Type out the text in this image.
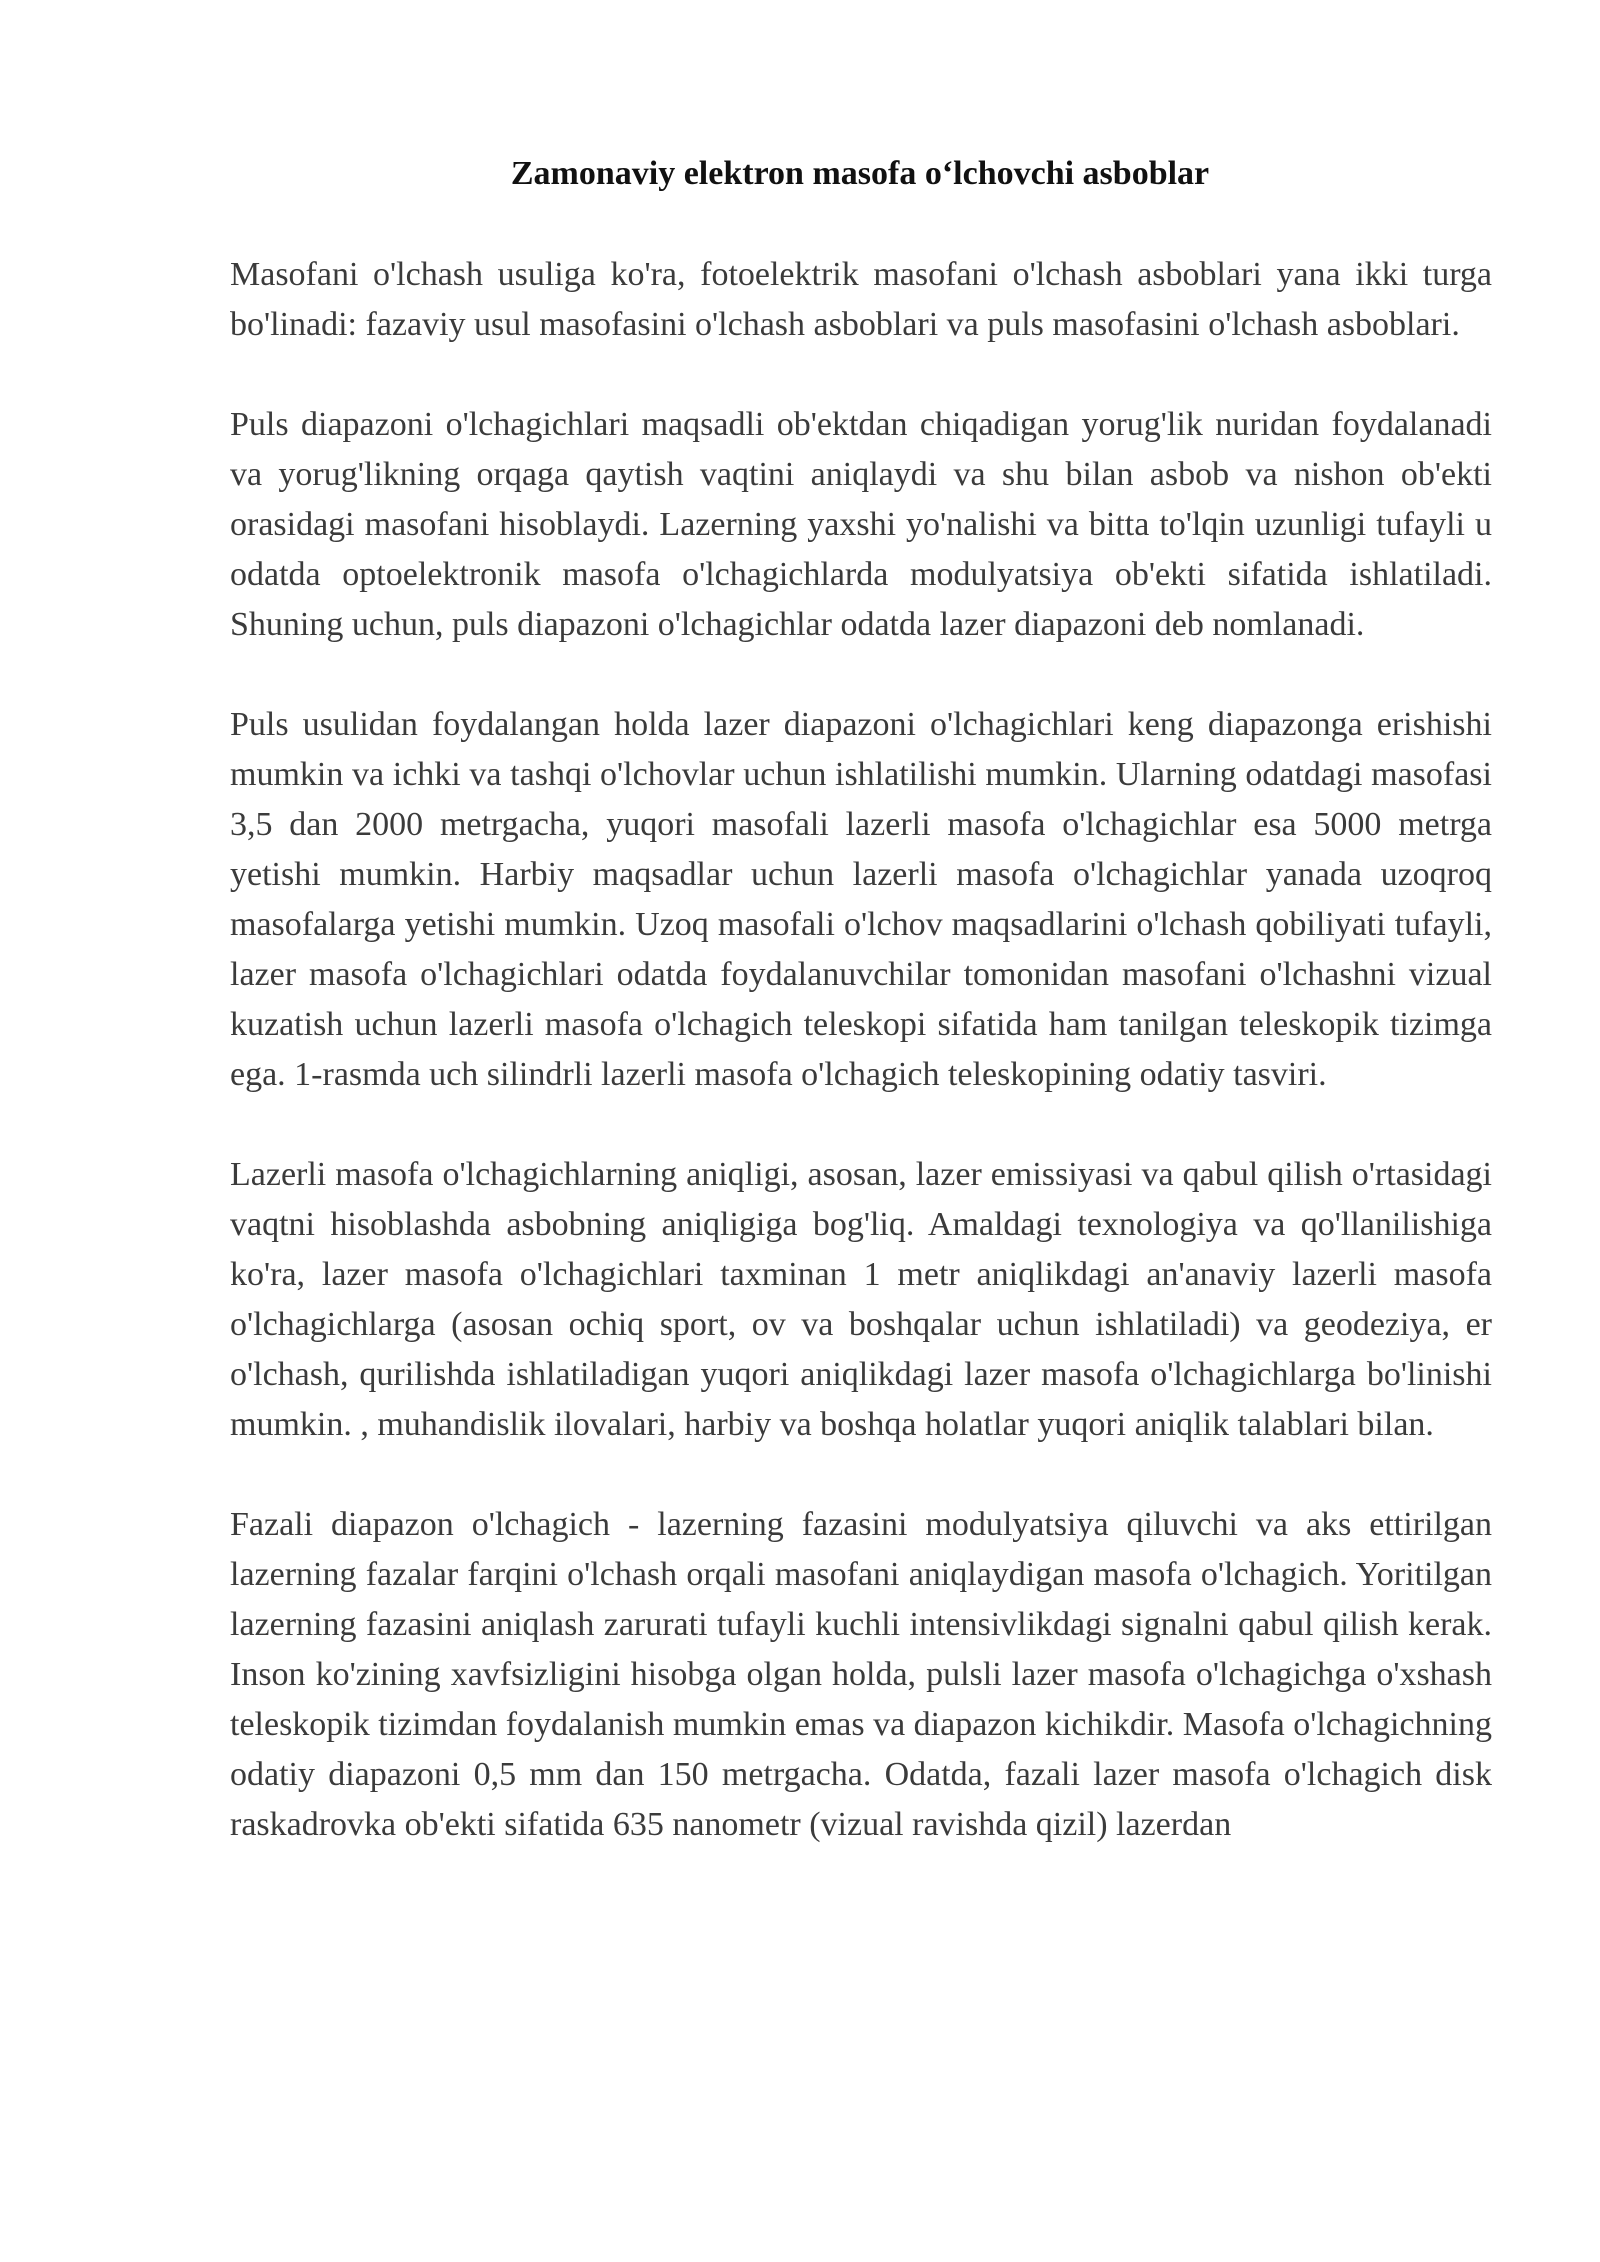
Zamonaviy elektron masofa o‘lchovchi asboblar

Masofani o'lchash usuliga ko'ra, fotoelektrik masofani o'lchash asboblari yana ikki turga bo'linadi: fazaviy usul masofasini o'lchash asboblari va puls masofasini o'lchash asboblari.

Puls diapazoni o'lchagichlari maqsadli ob'ektdan chiqadigan yorug'lik nuridan foydalanadi va yorug'likning orqaga qaytish vaqtini aniqlaydi va shu bilan asbob va nishon ob'ekti orasidagi masofani hisoblaydi. Lazerning yaxshi yo'nalishi va bitta to'lqin uzunligi tufayli u odatda optoelektronik masofa o'lchagichlarda modulyatsiya ob'ekti sifatida ishlatiladi. Shuning uchun, puls diapazoni o'lchagichlar odatda lazer diapazoni deb nomlanadi.

Puls usulidan foydalangan holda lazer diapazoni o'lchagichlari keng diapazonga erishishi mumkin va ichki va tashqi o'lchovlar uchun ishlatilishi mumkin. Ularning odatdagi masofasi 3,5 dan 2000 metrgacha, yuqori masofali lazerli masofa o'lchagichlar esa 5000 metrga yetishi mumkin. Harbiy maqsadlar uchun lazerli masofa o'lchagichlar yanada uzoqroq masofalarga yetishi mumkin. Uzoq masofali o'lchov maqsadlarini o'lchash qobiliyati tufayli, lazer masofa o'lchagichlari odatda foydalanuvchilar tomonidan masofani o'lchashni vizual kuzatish uchun lazerli masofa o'lchagich teleskopi sifatida ham tanilgan teleskopik tizimga ega. 1-rasmda uch silindrli lazerli masofa o'lchagich teleskopining odatiy tasviri.

Lazerli masofa o'lchagichlarning aniqligi, asosan, lazer emissiyasi va qabul qilish o'rtasidagi vaqtni hisoblashda asbobning aniqligiga bog'liq. Amaldagi texnologiya va qo'llanilishiga ko'ra, lazer masofa o'lchagichlari taxminan 1 metr aniqlikdagi an'anaviy lazerli masofa o'lchagichlarga (asosan ochiq sport, ov va boshqalar uchun ishlatiladi) va geodeziya, er o'lchash, qurilishda ishlatiladigan yuqori aniqlikdagi lazer masofa o'lchagichlarga bo'linishi mumkin. , muhandislik ilovalari, harbiy va boshqa holatlar yuqori aniqlik talablari bilan.

Fazali diapazon o'lchagich - lazerning fazasini modulyatsiya qiluvchi va aks ettirilgan lazerning fazalar farqini o'lchash orqali masofani aniqlaydigan masofa o'lchagich. Yoritilgan lazerning fazasini aniqlash zarurati tufayli kuchli intensivlikdagi signalni qabul qilish kerak. Inson ko'zining xavfsizligini hisobga olgan holda, pulsli lazer masofa o'lchagichga o'xshash teleskopik tizimdan foydalanish mumkin emas va diapazon kichikdir. Masofa o'lchagichning odatiy diapazoni 0,5 mm dan 150 metrgacha. Odatda, fazali lazer masofa o'lchagich disk raskadrovka ob'ekti sifatida 635 nanometr (vizual ravishda qizil) lazerdan
